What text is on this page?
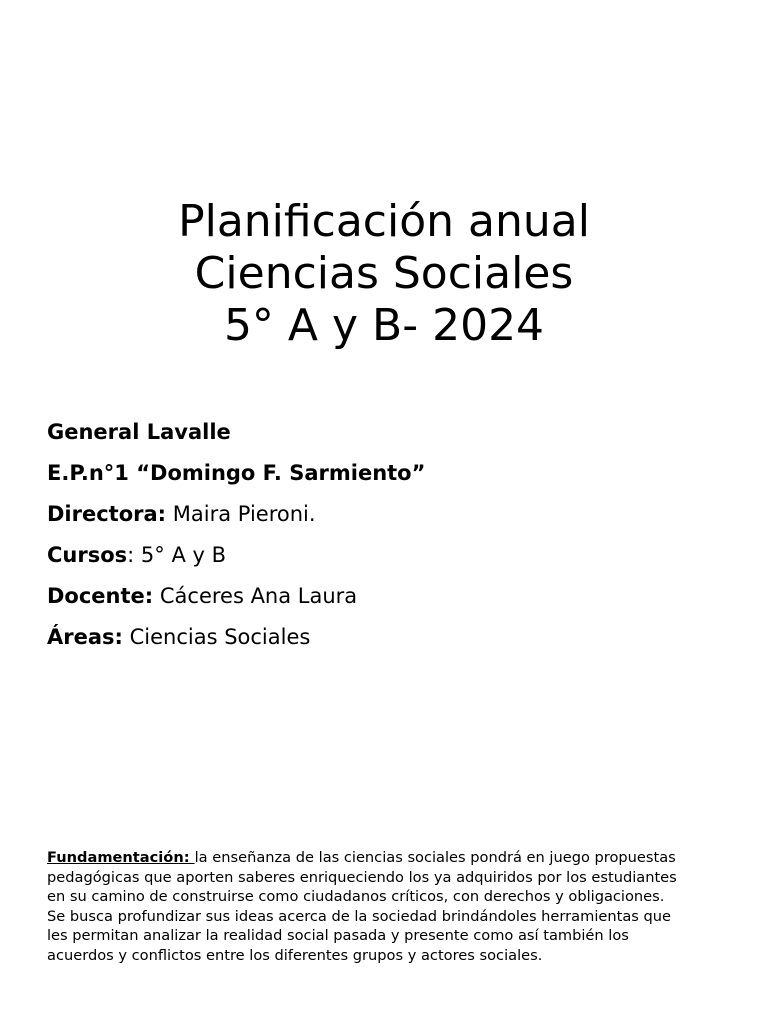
Planificación anual
Ciencias Sociales
5° A y B- 2024
General Lavalle
E.P.n°1 “Domingo F. Sarmiento”
Directora: Maira Pieroni.
Cursos: 5° A y B
Docente: Cáceres Ana Laura
Áreas: Ciencias Sociales
Fundamentación: la enseñanza de las ciencias sociales pondrá en juego propuestas
pedagógicas que aporten saberes enriqueciendo los ya adquiridos por los estudiantes
en su camino de construirse como ciudadanos críticos, con derechos y obligaciones.
Se busca profundizar sus ideas acerca de la sociedad brindándoles herramientas que
les permitan analizar la realidad social pasada y presente como así también los
acuerdos y conflictos entre los diferentes grupos y actores sociales.
